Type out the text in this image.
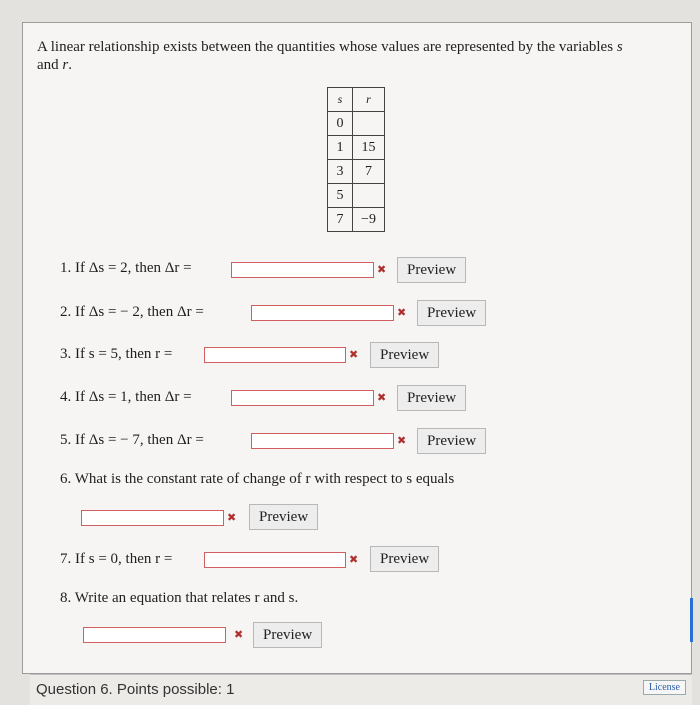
A linear relationship exists between the quantities whose values are represented by the variables s
and r.
s	r
0	
1	15
3	7
5	
7	−9
1. If Δs = 2, then Δr =	✖	Preview
2. If Δs = − 2, then Δr =	✖	Preview
3. If s = 5, then r =	✖	Preview
4. If Δs = 1, then Δr =	✖	Preview
5. If Δs = − 7, then Δr =	✖	Preview
6. What is the constant rate of change of r with respect to s equals
✖	Preview
7. If s = 0, then r =	✖	Preview
8. Write an equation that relates r and s.
✖	Preview
Question 6. Points possible: 1	License
